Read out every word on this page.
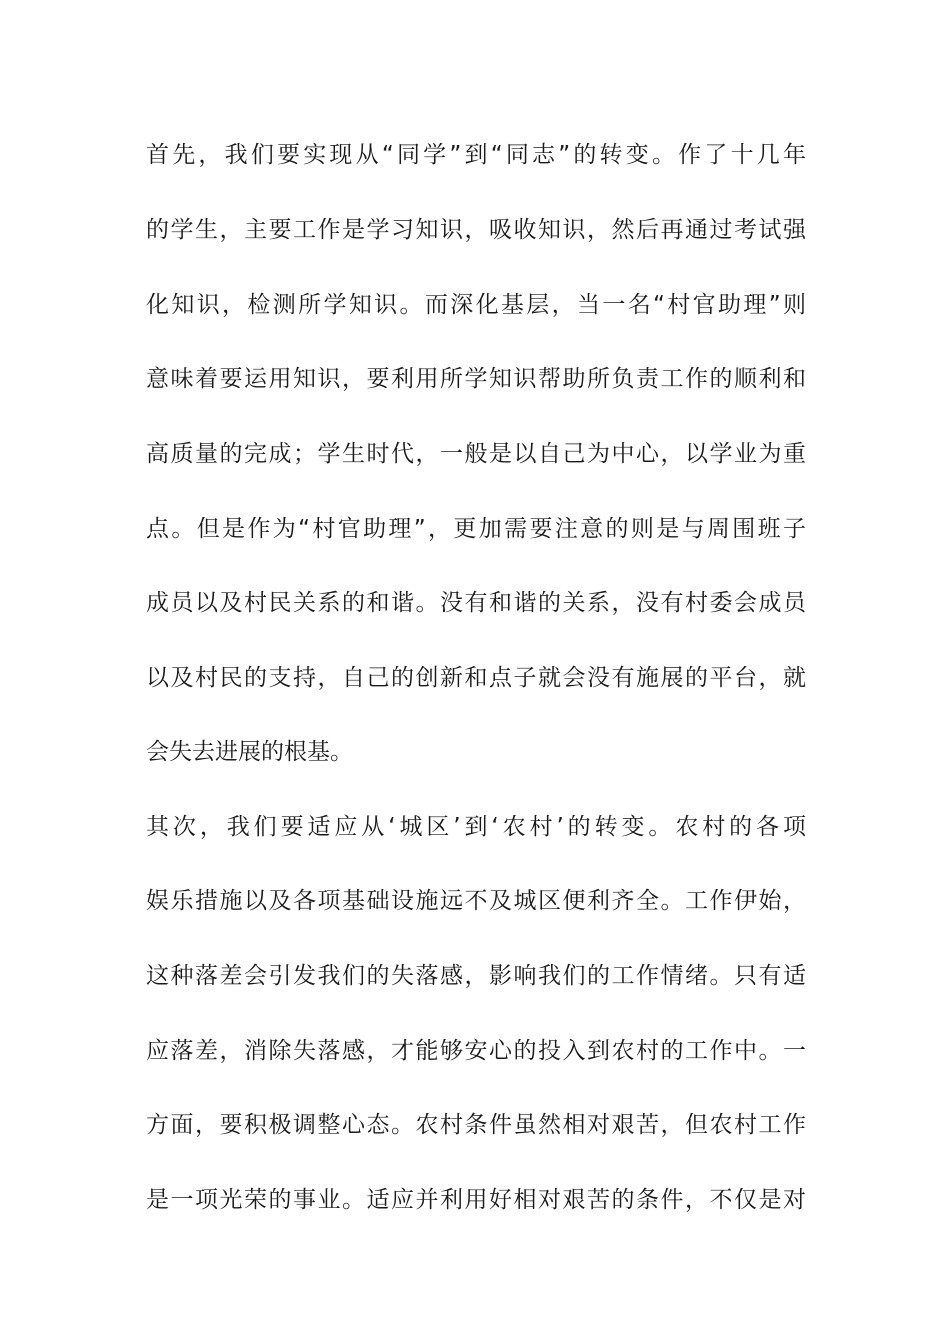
首先，我们要实现从“同学”到“同志”的转变。作了十几年

的学生，主要工作是学习知识，吸收知识，然后再通过考试强

化知识，检测所学知识。而深化基层，当一名“村官助理”则

意味着要运用知识，要利用所学知识帮助所负责工作的顺利和

高质量的完成；学生时代，一般是以自己为中心，以学业为重

点。但是作为“村官助理”，更加需要注意的则是与周围班子

成员以及村民关系的和谐。没有和谐的关系，没有村委会成员

以及村民的支持，自己的创新和点子就会没有施展的平台，就

会失去进展的根基。

其次，我们要适应从‘城区’到‘农村’的转变。农村的各项

娱乐措施以及各项基础设施远不及城区便利齐全。工作伊始，

这种落差会引发我们的失落感，影响我们的工作情绪。只有适

应落差，消除失落感，才能够安心的投入到农村的工作中。一

方面，要积极调整心态。农村条件虽然相对艰苦，但农村工作

是一项光荣的事业。适应并利用好相对艰苦的条件，不仅是对
